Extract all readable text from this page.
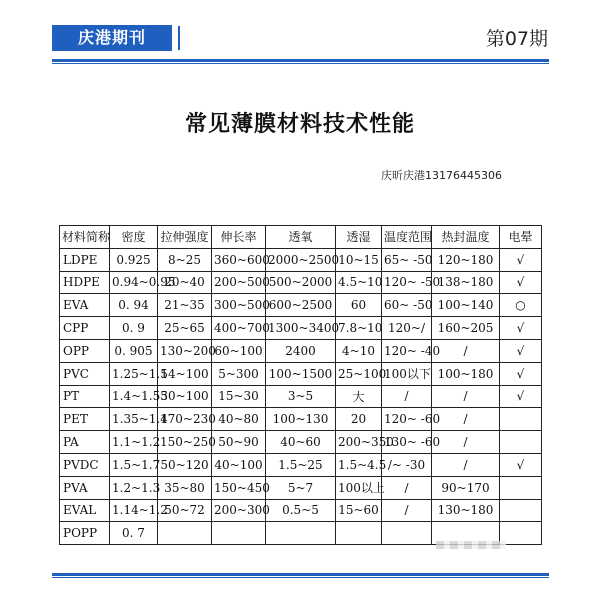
庆港期刊	第07期
常见薄膜材料技术性能
庆昕庆港13176445306
材料简称	密度	拉伸强度	伸长率	透氧	透湿	温度范围	热封温度	电晕
LDPE	0.925	8~25	360~600	2000~2500	10~15	65~ -50	120~180	√
HDPE	0.94~0.95	20~40	200~500	500~2000	4.5~10	120~ -50	138~180	√
EVA	0. 94	21~35	300~500	600~2500	60	60~ -50	100~140	○
CPP	0. 9	25~65	400~700	1300~3400	7.8~10	120~/	160~205	√
OPP	0. 905	130~200	60~100	2400	4~10	120~ -40	/	√
PVC	1.25~1.5	14~100	5~300	100~1500	25~100	100以下	100~180	√
PT	1.4~1.55	30~100	15~30	3~5	大	/	/	√
PET	1.35~1.4	170~230	40~80	100~130	20	120~ -60	/	
PA	1.1~1.2	150~250	50~90	40~60	200~350	130~ -60	/	
PVDC	1.5~1.7	50~120	40~100	1.5~25	1.5~4.5	/~ -30	/	√
PVA	1.2~1.3	35~80	150~450	5~7	100以上	/	90~170	
EVAL	1.14~1.2	50~72	200~300	0.5~5	15~60	/	130~180	
POPP	0. 7							
